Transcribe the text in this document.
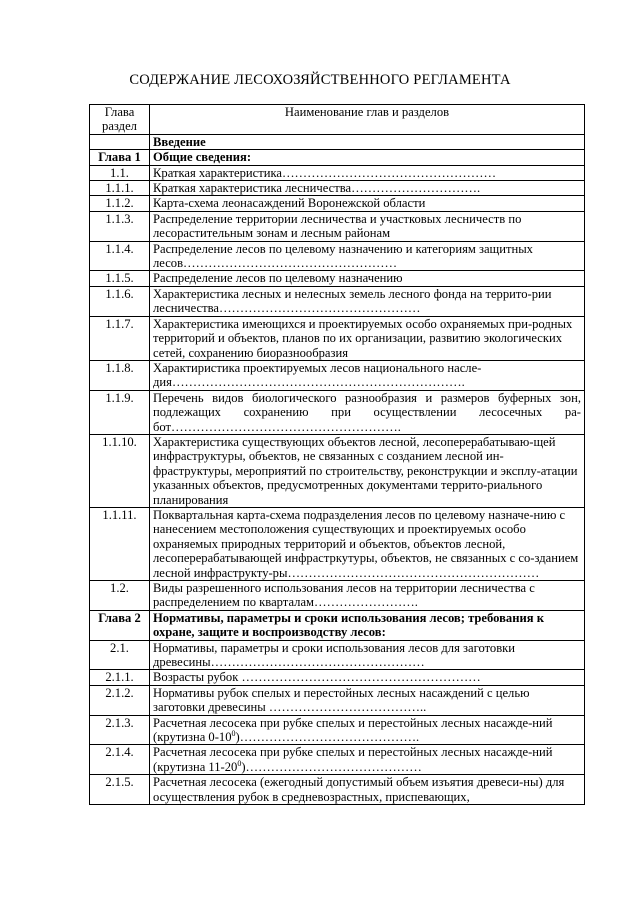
СОДЕРЖАНИЕ ЛЕСОХОЗЯЙСТВЕННОГО РЕГЛАМЕНТА
Глава
раздел	Наименование глав и разделов
	Введение
Глава 1	Общие сведения:
1.1.	Краткая характеристика……………………………………………
1.1.1.	Краткая характеристика лесничества………………………….
1.1.2.	Карта-схема леонасаждений Воронежской области
1.1.3.	Распределение территории лесничества и участковых лесничеств по лесорастительным зонам и лесным районам
1.1.4.	Распределение лесов по целевому назначению и категориям защитных лесов……………………………………………
1.1.5.	Распределение лесов по целевому назначению
1.1.6.	Характеристика лесных и нелесных земель лесного фонда на террито-рии лесничества…………………………………………
1.1.7.	Характеристика имеющихся и проектируемых особо охраняемых при-родных территорий и объектов, планов по их организации, развитию экологических сетей, сохранению биоразнообразия
1.1.8.	Характиристика проектируемых лесов национального насле-дия…………………………………………………………….
1.1.9.	Перечень видов биологического разнообразия и размеров буферных зон, подлежащих сохранению при осуществлении лесосечных ра-бот……………………………………………….
1.1.10.	Характеристика существующих объектов лесной, лесоперерабатываю-щей инфраструктуры, объектов, не связанных с созданием лесной ин-фраструктуры, мероприятий по строительству, реконструкции и эксплу-атации указанных объектов, предусмотренных документами террито-риального планирования
1.1.11.	Поквартальная карта-схема подразделения лесов по целевому назначе-нию с нанесением местоположения существующих и проектируемых особо охраняемых природных территорий и объектов, объектов лесной, лесоперерабатывающей инфрастркутуры, объектов, не связанных с со-зданием лесной инфраструкту-ры……………………………………………………
1.2.	Виды разрешенного использования лесов на территории лесничества с распределением по кварталам…………………….
Глава 2	Нормативы, параметры и сроки использования лесов; требования к охране, защите и воспроизводству лесов:
2.1.	Нормативы, параметры и сроки использования лесов для заготовки древесины……………………………………………
2.1.1.	Возрасты рубок …………………………………………………
2.1.2.	Нормативы рубок спелых и перестойных лесных насаждений с целью заготовки древесины ………………………………..
2.1.3.	Расчетная лесосека при рубке спелых и перестойных лесных насажде-ний (крутизна $0-10^0)\dots\dots\dots\dots\dots\dots\dots\dots\dots\dots\dots\dots\dots\dots$.
2.1.4.	Расчетная лесосека при рубке спелых и перестойных лесных насажде-ний (крутизна $11-20^0)\dots\dots\dots\dots\dots\dots\dots\dots\dots\dots\dots\dots\dots\dots$
2.1.5.	Расчетная лесосека (ежегодный допустимый объем изъятия древеси-ны) для осуществления рубок в средневозрастных, приспевающих,
